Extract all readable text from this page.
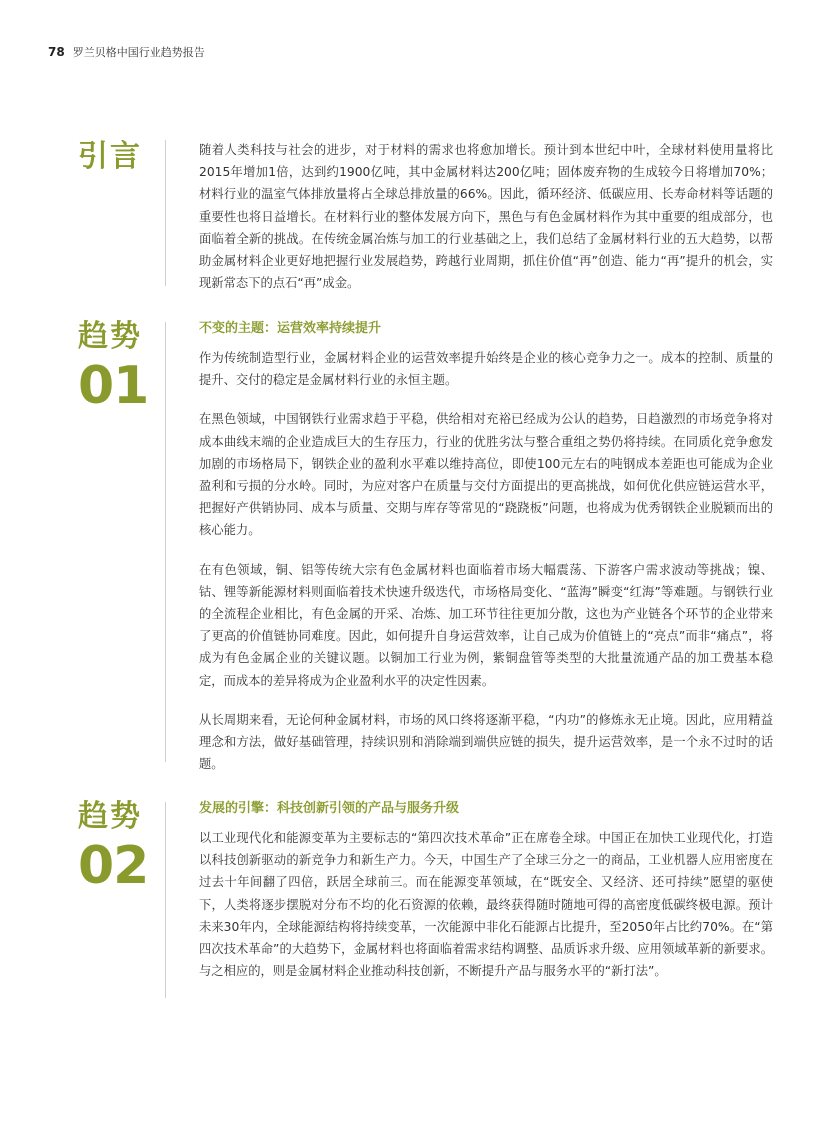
78 罗兰贝格中国行业趋势报告
引言	随着人类科技与社会的进步，对于材料的需求也将愈加增长。预计到本世纪中叶，全球材料使用量将比2015年增加1倍，达到约1900亿吨，其中金属材料达200亿吨；固体废弃物的生成较今日将增加70%；材料行业的温室气体排放量将占全球总排放量的66%。因此，循环经济、低碳应用、长寿命材料等话题的重要性也将日益增长。在材料行业的整体发展方向下，黑色与有色金属材料作为其中重要的组成部分，也面临着全新的挑战。在传统金属冶炼与加工的行业基础之上，我们总结了金属材料行业的五大趋势，以帮助金属材料企业更好地把握行业发展趋势，跨越行业周期，抓住价值“再”创造、能力“再”提升的机会，实现新常态下的点石“再”成金。

趋势
01
不变的主题：运营效率持续提升

作为传统制造型行业，金属材料企业的运营效率提升始终是企业的核心竞争力之一。成本的控制、质量的提升、交付的稳定是金属材料行业的永恒主题。

在黑色领域，中国钢铁行业需求趋于平稳，供给相对充裕已经成为公认的趋势，日趋激烈的市场竞争将对成本曲线末端的企业造成巨大的生存压力，行业的优胜劣汰与整合重组之势仍将持续。在同质化竞争愈发加剧的市场格局下，钢铁企业的盈利水平难以维持高位，即使100元左右的吨钢成本差距也可能成为企业盈利和亏损的分水岭。同时，为应对客户在质量与交付方面提出的更高挑战，如何优化供应链运营水平，把握好产供销协同、成本与质量、交期与库存等常见的“跷跷板”问题，也将成为优秀钢铁企业脱颖而出的核心能力。

在有色领域，铜、铝等传统大宗有色金属材料也面临着市场大幅震荡、下游客户需求波动等挑战；镍、钴、锂等新能源材料则面临着技术快速升级迭代，市场格局变化、“蓝海”瞬变“红海”等难题。与钢铁行业的全流程企业相比，有色金属的开采、冶炼、加工环节往往更加分散，这也为产业链各个环节的企业带来了更高的价值链协同难度。因此，如何提升自身运营效率，让自己成为价值链上的“亮点”而非“痛点”，将成为有色金属企业的关键议题。以铜加工行业为例，紫铜盘管等类型的大批量流通产品的加工费基本稳定，而成本的差异将成为企业盈利水平的决定性因素。

从长周期来看，无论何种金属材料，市场的风口终将逐渐平稳，“内功”的修炼永无止境。因此，应用精益理念和方法，做好基础管理，持续识别和消除端到端供应链的损失，提升运营效率，是一个永不过时的话题。

趋势
02
发展的引擎：科技创新引领的产品与服务升级

以工业现代化和能源变革为主要标志的“第四次技术革命”正在席卷全球。中国正在加快工业现代化，打造以科技创新驱动的新竞争力和新生产力。今天，中国生产了全球三分之一的商品，工业机器人应用密度在过去十年间翻了四倍，跃居全球前三。而在能源变革领域，在“既安全、又经济、还可持续”愿望的驱使下，人类将逐步摆脱对分布不均的化石资源的依赖，最终获得随时随地可得的高密度低碳终极电源。预计未来30年内，全球能源结构将持续变革，一次能源中非化石能源占比提升，至2050年占比约70%。在“第四次技术革命”的大趋势下，金属材料也将面临着需求结构调整、品质诉求升级、应用领域革新的新要求。与之相应的，则是金属材料企业推动科技创新，不断提升产品与服务水平的“新打法”。
